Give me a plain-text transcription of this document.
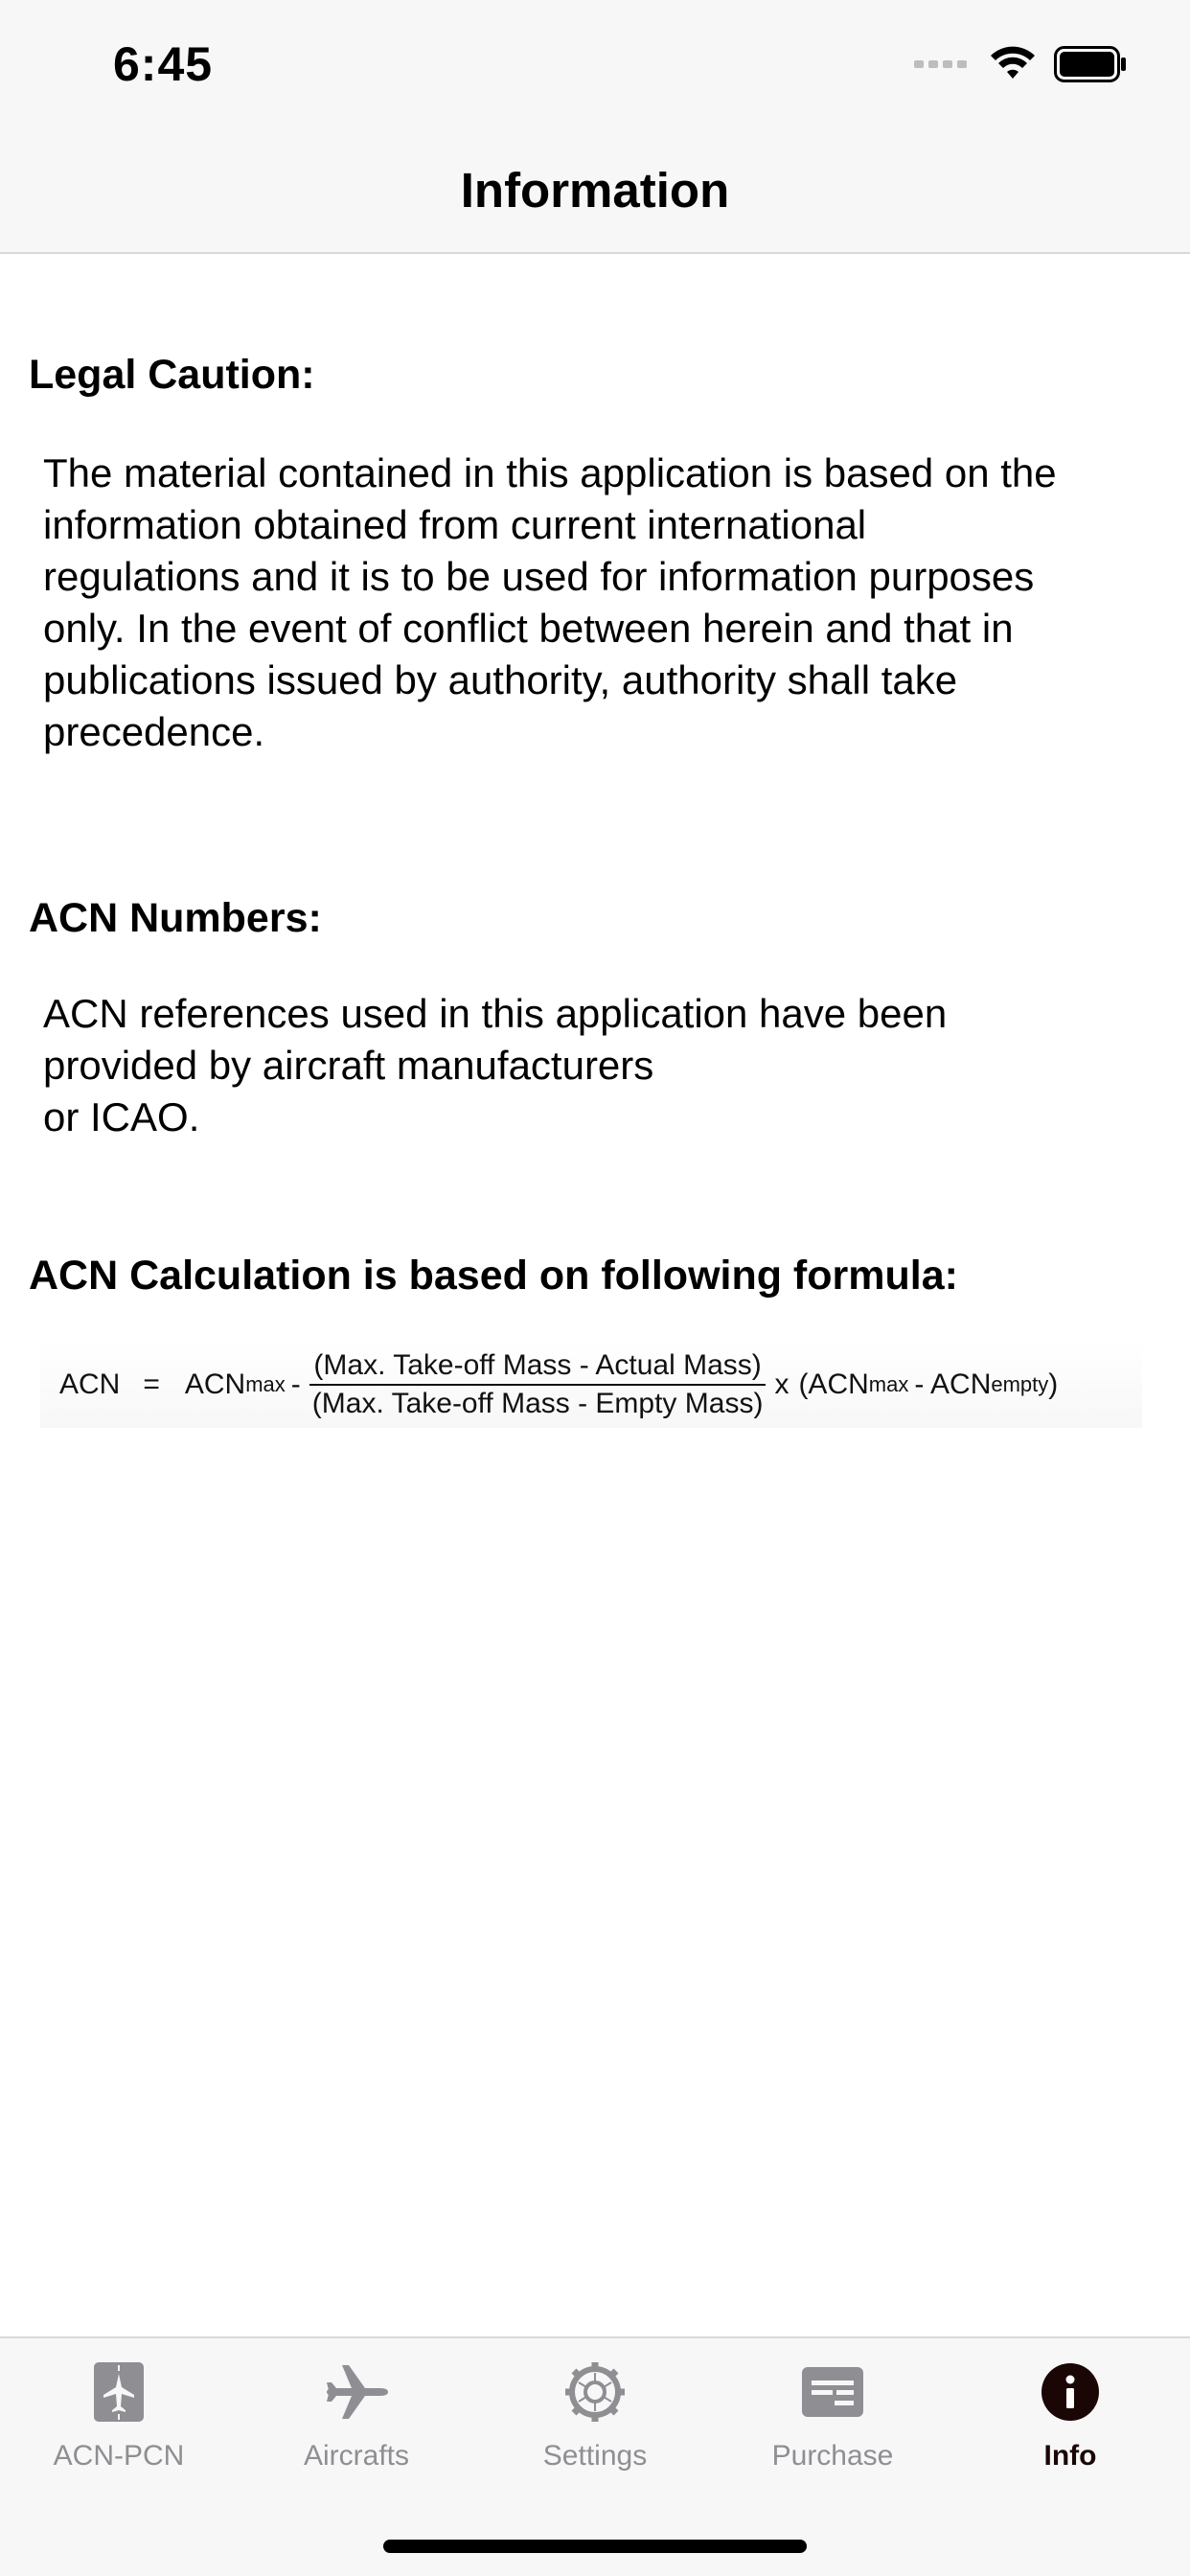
6:45
Information
Legal Caution:
The material contained in this application is based on the
information obtained from current international
regulations and it is to be used for information purposes
only. In the event of conflict between herein and that in
publications issued by authority, authority shall take
precedence.
ACN Numbers:
ACN references used in this application have been
provided by aircraft manufacturers
or ICAO.
ACN Calculation is based on following formula:
ACN = ACN max - $\frac{\text{(Max. Take-off Mass - Actual Mass)}}{\text{(Max. Take-off Mass - Empty Mass)}}$ x (ACN max - ACN empty )
ACN-PCN	Aircrafts	Settings	Purchase	Info
